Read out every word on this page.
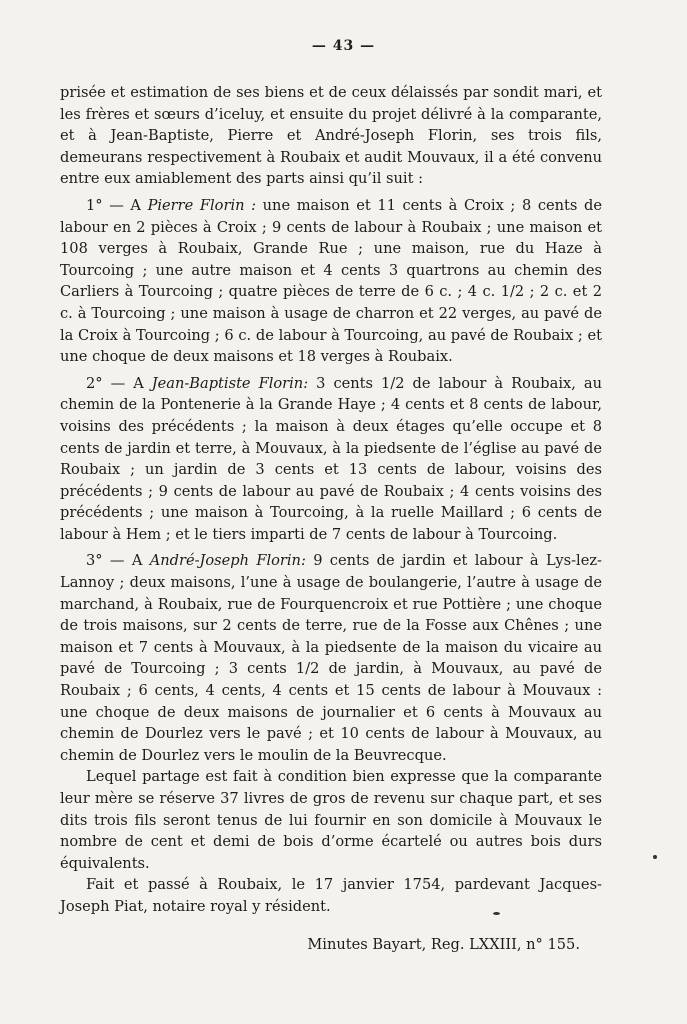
— 43 —

prisée et estimation de ses biens et de ceux délaissés par sondit mari, et les frères et sœurs d’iceluy, et ensuite du projet délivré à la comparante, et à Jean-Baptiste, Pierre et André-Joseph Florin, ses trois fils, demeurans respectivement à Roubaix et audit Mouvaux, il a été convenu entre eux amiablement des parts ainsi qu’il suit :

1° — A Pierre Florin : une maison et 11 cents à Croix ; 8 cents de labour en 2 pièces à Croix ; 9 cents de labour à Roubaix ; une maison et 108 verges à Roubaix, Grande Rue ; une maison, rue du Haze à Tourcoing ; une autre maison et 4 cents 3 quartrons au chemin des Carliers à Tourcoing ; quatre pièces de terre de 6 c. ; 4 c. 1/2 ; 2 c. et 2 c. à Tourcoing ; une maison à usage de charron et 22 verges, au pavé de la Croix à Tourcoing ; 6 c. de labour à Tourcoing, au pavé de Roubaix ; et une choque de deux maisons et 18 verges à Roubaix.

2° — A Jean-Baptiste Florin: 3 cents 1/2 de labour à Roubaix, au chemin de la Pontenerie à la Grande Haye ; 4 cents et 8 cents de labour, voisins des précédents ; la maison à deux étages qu’elle occupe et 8 cents de jardin et terre, à Mouvaux, à la piedsente de l’église au pavé de Roubaix ; un jardin de 3 cents et 13 cents de labour, voisins des précédents ; 9 cents de labour au pavé de Roubaix ; 4 cents voisins des précédents ; une maison à Tourcoing, à la ruelle Maillard ; 6 cents de labour à Hem ; et le tiers imparti de 7 cents de labour à Tourcoing.

3° — A André-Joseph Florin: 9 cents de jardin et labour à Lys-lez-Lannoy ; deux maisons, l’une à usage de boulangerie, l’autre à usage de marchand, à Roubaix, rue de Fourquencroix et rue Pottière ; une choque de trois maisons, sur 2 cents de terre, rue de la Fosse aux Chênes ; une maison et 7 cents à Mouvaux, à la piedsente de la maison du vicaire au pavé de Tourcoing ; 3 cents 1/2 de jardin, à Mouvaux, au pavé de Roubaix ; 6 cents, 4 cents, 4 cents et 15 cents de labour à Mouvaux : une choque de deux maisons de journalier et 6 cents à Mouvaux au chemin de Dourlez vers le pavé ; et 10 cents de labour à Mouvaux, au chemin de Dourlez vers le moulin de la Beuvrecque.

Lequel partage est fait à condition bien expresse que la comparante leur mère se réserve 37 livres de gros de revenu sur chaque part, et ses dits trois fils seront tenus de lui fournir en son domicile à Mouvaux le nombre de cent et demi de bois d’orme écartelé ou autres bois durs équivalents.

Fait et passé à Roubaix, le 17 janvier 1754, pardevant Jacques-Joseph Piat, notaire royal y résident.

Minutes Bayart, Reg. LXXIII, n° 155.
